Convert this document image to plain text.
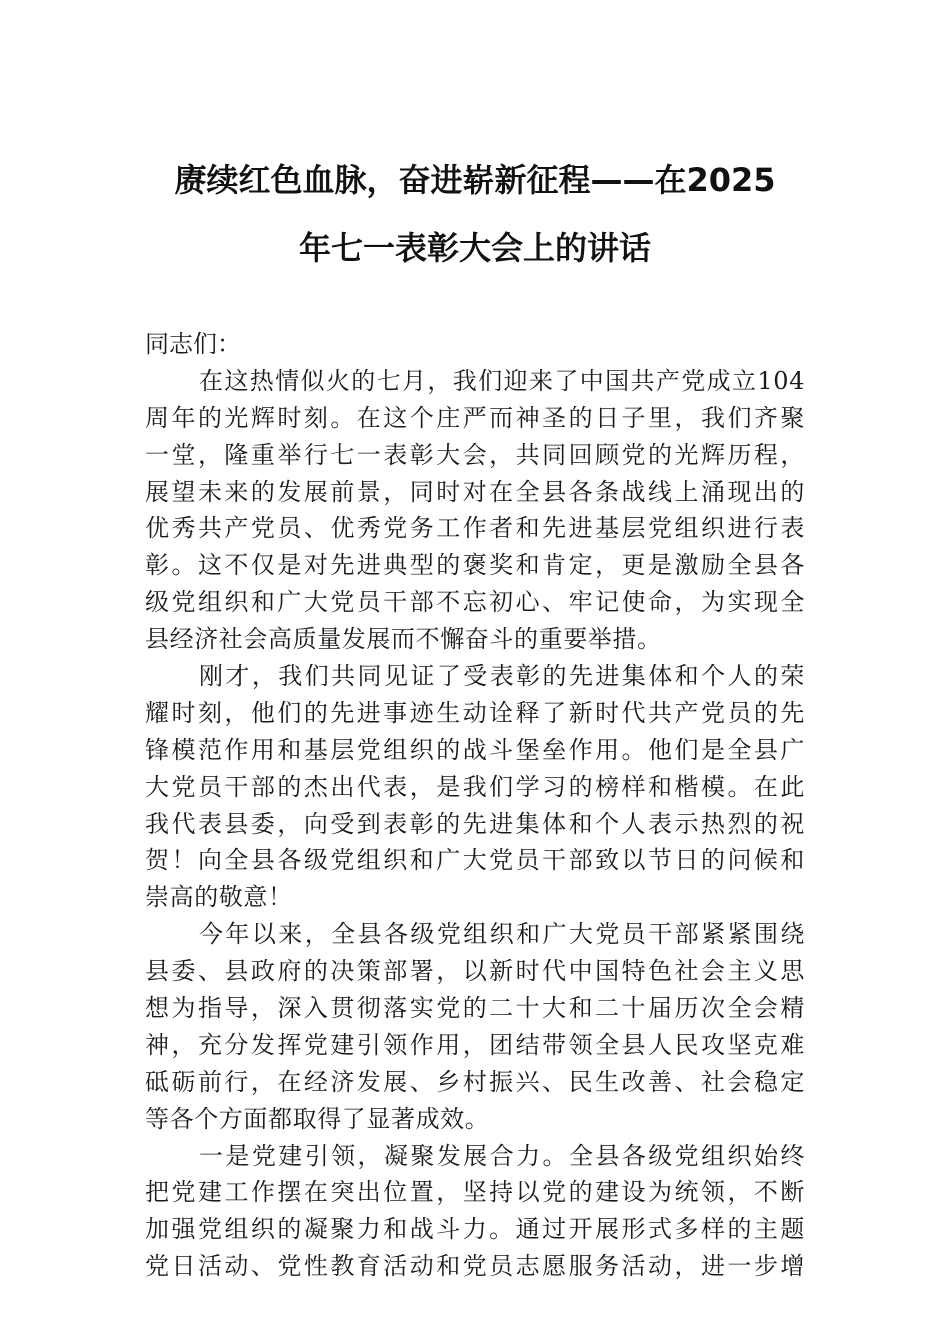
赓续红色血脉，奋进崭新征程——在2025
年七一表彰大会上的讲话
同志们：
在这热情似火的七月，我们迎来了中国共产党成立104
周年的光辉时刻。在这个庄严而神圣的日子里，我们齐聚
一堂，隆重举行七一表彰大会，共同回顾党的光辉历程，
展望未来的发展前景，同时对在全县各条战线上涌现出的
优秀共产党员、优秀党务工作者和先进基层党组织进行表
彰。这不仅是对先进典型的褒奖和肯定，更是激励全县各
级党组织和广大党员干部不忘初心、牢记使命，为实现全
县经济社会高质量发展而不懈奋斗的重要举措。
刚才，我们共同见证了受表彰的先进集体和个人的荣
耀时刻，他们的先进事迹生动诠释了新时代共产党员的先
锋模范作用和基层党组织的战斗堡垒作用。他们是全县广
大党员干部的杰出代表，是我们学习的榜样和楷模。在此
我代表县委，向受到表彰的先进集体和个人表示热烈的祝
贺！向全县各级党组织和广大党员干部致以节日的问候和
崇高的敬意！
今年以来，全县各级党组织和广大党员干部紧紧围绕
县委、县政府的决策部署，以新时代中国特色社会主义思
想为指导，深入贯彻落实党的二十大和二十届历次全会精
神，充分发挥党建引领作用，团结带领全县人民攻坚克难
砥砺前行，在经济发展、乡村振兴、民生改善、社会稳定
等各个方面都取得了显著成效。
一是党建引领，凝聚发展合力。全县各级党组织始终
把党建工作摆在突出位置，坚持以党的建设为统领，不断
加强党组织的凝聚力和战斗力。通过开展形式多样的主题
党日活动、党性教育活动和党员志愿服务活动，进一步增
